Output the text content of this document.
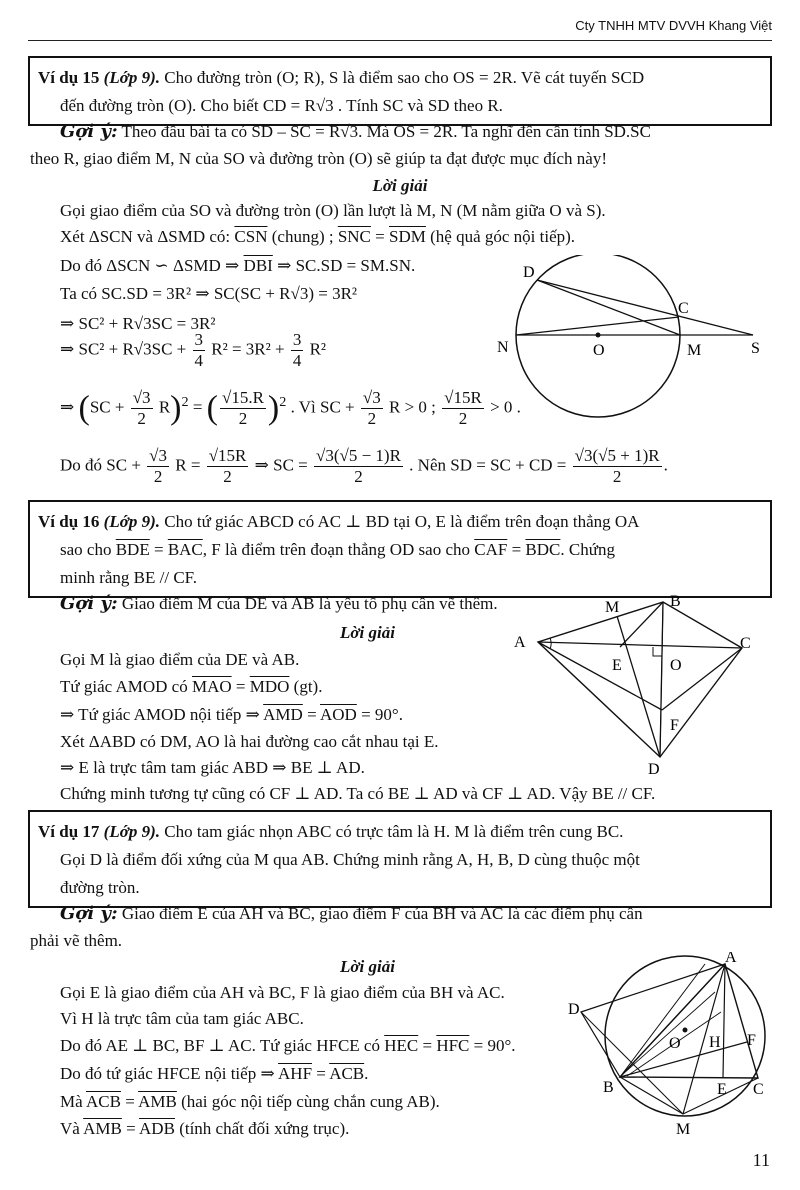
Cty TNHH MTV DVVH Khang Việt
Ví dụ 15 (Lớp 9). Cho đường tròn (O; R), S là điểm sao cho OS = 2R. Vẽ cát tuyến SCD
đến đường tròn (O). Cho biết CD = R√3 . Tính SC và SD theo R.
Gợi ý: Theo đầu bài ta có SD – SC = R√3. Mà OS = 2R. Ta nghĩ đến cần tính SD.SC
theo R, giao điểm M, N của SO và đường tròn (O) sẽ giúp ta đạt được mục đích này!
Lời giải
Gọi giao điểm của SO và đường tròn (O) lần lượt là M, N (M nằm giữa O và S).
Xét ΔSCN và ΔSMD có: $\overline{CSN}$ (chung) ; $\overline{SNC} = \overline{SDM}$ (hệ quả góc nội tiếp).
Do đó ΔSCN ∽ ΔSMD ⇒ $\overline{DBI}$ ⇒ SC.SD = SM.SN.
Ta có SC.SD = 3R² ⇒ SC(SC + R√3) = 3R²
⇒ SC² + R√3SC = 3R²
⇒ $SC^2 + R√3SC + \frac{3}{4} R^2 = 3R^2 + \frac{3}{4} R^2$
⇒ $(SC + \frac{√3}{2} R)^2$ = ( $\frac{√15.R}{2} )^2$ . Vì SC + $\frac{√3}{2}$ R > 0 ; $\frac{√15R}{2} > 0$ .
Do đó SC + $\frac{√3}{2}$ $R = \frac{√15R}{2}$ ⇒ SC = $\frac{√3(√5 - 1)R}{2}$ . Nên SD = SC + CD = $\frac{√3(√5 + 1)R}{2}$ .
D
C
N	O	M	S
Ví dụ 16 (Lớp 9). Cho tứ giác ABCD có AC ⊥ BD tại O, E là điểm trên đoạn thẳng OA
sao cho $\overline{BDE} = \overline{BAC}$, F là điểm trên đoạn thẳng OD sao cho $\overline{CAF} = \overline{BDC}$. Chứng
minh rằng BE // CF.
Gợi ý: Giao điểm M của DE và AB là yếu tố phụ cần vẽ thêm.
Lời giải
Gọi M là giao điểm của DE và AB.
Tứ giác AMOD có $\overline{MAO} = \overline{MDO}$ (gt).
⇒ Tứ giác AMOD nội tiếp ⇒ $\overline{AMD} = \overline{AOD} = 90^\circ$.
Xét ΔABD có DM, AO là hai đường cao cắt nhau tại E.
⇒ E là trực tâm tam giác ABD ⇒ BE ⊥ AD.
Chứng minh tương tự cũng có CF ⊥ AD. Ta có BE ⊥ AD và CF ⊥ AD. Vậy BE // CF.
M	B
A	C
E	O
F
D
Ví dụ 17 (Lớp 9). Cho tam giác nhọn ABC có trực tâm là H. M là điểm trên cung BC.
Gọi D là điểm đối xứng của M qua AB. Chứng minh rằng A, H, B, D cùng thuộc một
đường tròn.
Gợi ý: Giao điểm E của AH và BC, giao điểm F của BH và AC là các điểm phụ cần
phải vẽ thêm.
Lời giải
Gọi E là giao điểm của AH và BC, F là giao điểm của BH và AC.
Vì H là trực tâm của tam giác ABC.
Do đó AE ⊥ BC, BF ⊥ AC. Tứ giác HFCE có $\overline{HEC} = \overline{HFC} = 90^\circ$.
Do đó tứ giác HFCE nội tiếp ⇒ $\overline{AHF} = \overline{ACB}$.
Mà $\overline{ACB} = \overline{AMB}$ (hai góc nội tiếp cùng chắn cung AB).
Và $\overline{AMB} = \overline{ADB}$ (tính chất đối xứng trục).
A
D
O H F
B	E C
M
11
